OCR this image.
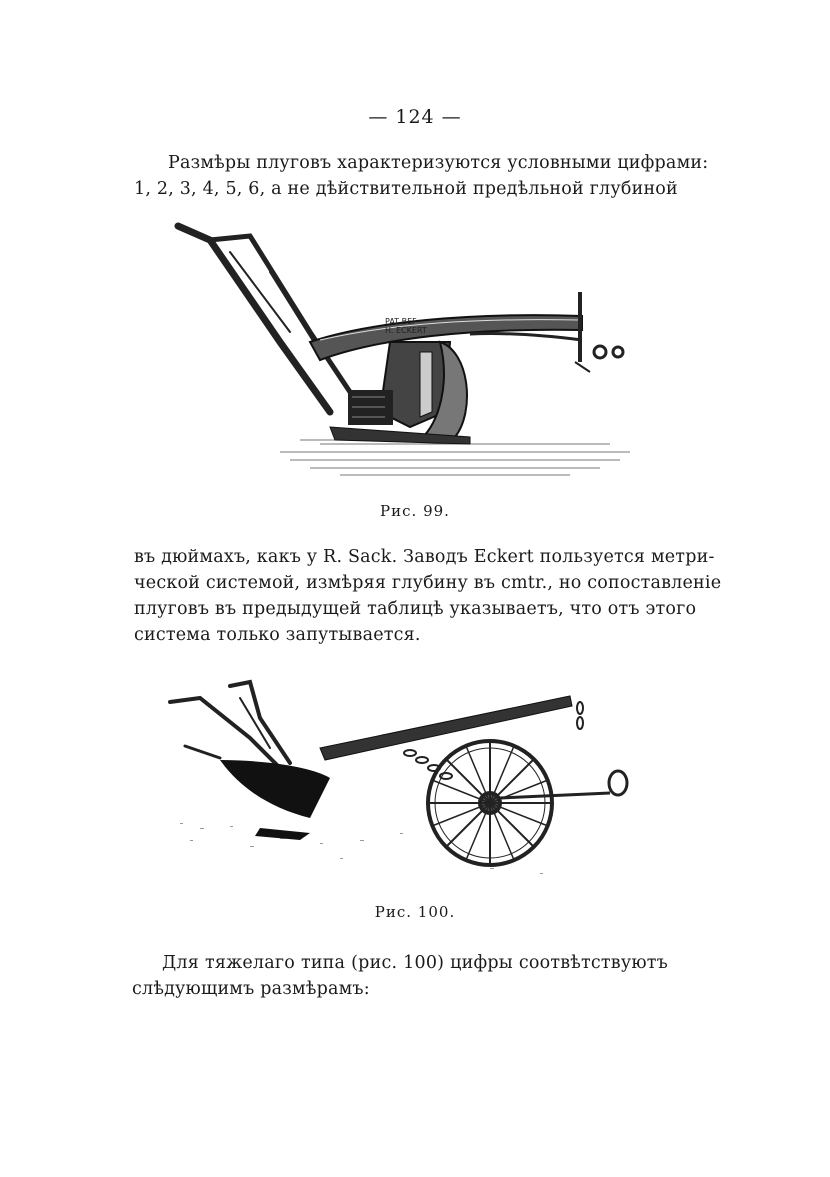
— 124 —
Размѣры плуговъ характеризуются условными цифрами:
1, 2, 3, 4, 5, 6, а не дѣйствительной предѣльной глубиной
PAT BEF
H. ECKERT
Рис. 99.
въ дюймахъ, какъ у R. Sack. Заводъ Eckert пользуется метри-
ческой системой, измѣряя глубину въ cmtr., но сопоставленіе
плуговъ въ предыдущей таблицѣ указываетъ, что отъ этого
система только запутывается.
Рис. 100.
Для тяжелаго типа (рис. 100) цифры соотвѣтствуютъ
слѣдующимъ размѣрамъ:
